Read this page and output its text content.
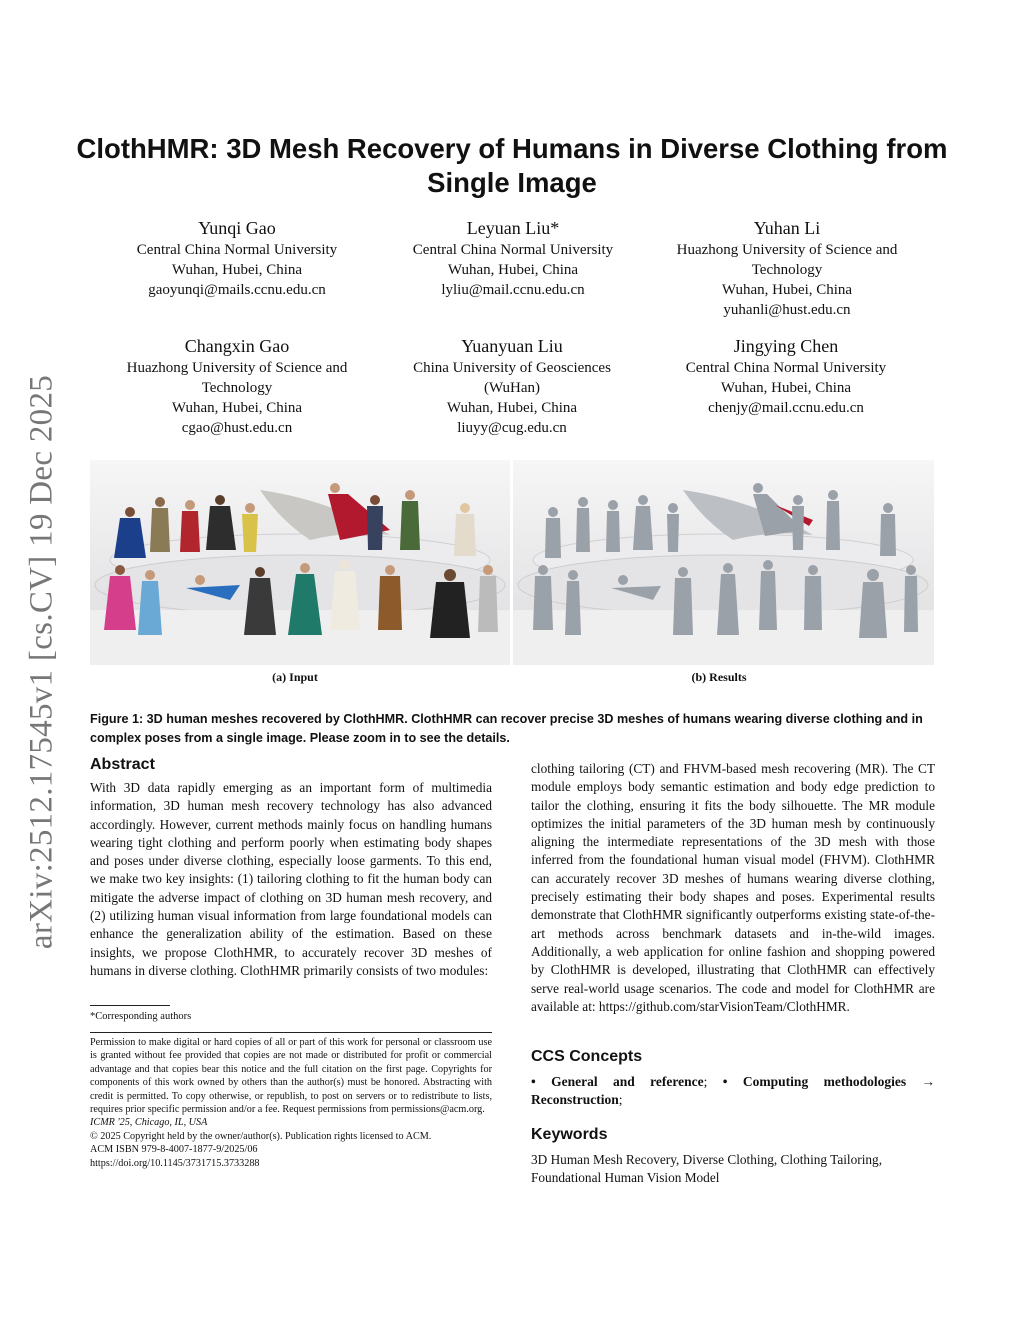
arXiv:2512.17545v1 [cs.CV] 19 Dec 2025
ClothHMR: 3D Mesh Recovery of Humans in Diverse Clothing from Single Image
Yunqi Gao
Central China Normal University
Wuhan, Hubei, China
gaoyunqi@mails.ccnu.edu.cn
Leyuan Liu*
Central China Normal University
Wuhan, Hubei, China
lyliu@mail.ccnu.edu.cn
Yuhan Li
Huazhong University of Science and
Technology
Wuhan, Hubei, China
yuhanli@hust.edu.cn
Changxin Gao
Huazhong University of Science and
Technology
Wuhan, Hubei, China
cgao@hust.edu.cn
Yuanyuan Liu
China University of Geosciences
(WuHan)
Wuhan, Hubei, China
liuyy@cug.edu.cn
Jingying Chen
Central China Normal University
Wuhan, Hubei, China
chenjy@mail.ccnu.edu.cn
(a) Input	(b) Results
Figure 1: 3D human meshes recovered by ClothHMR. ClothHMR can recover precise 3D meshes of humans wearing diverse clothing and in complex poses from a single image. Please zoom in to see the details.
Abstract
With 3D data rapidly emerging as an important form of multimedia information, 3D human mesh recovery technology has also advanced accordingly. However, current methods mainly focus on handling humans wearing tight clothing and perform poorly when estimating body shapes and poses under diverse clothing, especially loose garments. To this end, we make two key insights: (1) tailoring clothing to fit the human body can mitigate the adverse impact of clothing on 3D human mesh recovery, and (2) utilizing human visual information from large foundational models can enhance the generalization ability of the estimation. Based on these insights, we propose ClothHMR, to accurately recover 3D meshes of humans in diverse clothing. ClothHMR primarily consists of two modules:
clothing tailoring (CT) and FHVM-based mesh recovering (MR). The CT module employs body semantic estimation and body edge prediction to tailor the clothing, ensuring it fits the body silhouette. The MR module optimizes the initial parameters of the 3D human mesh by continuously aligning the intermediate representations of the 3D mesh with those inferred from the foundational human visual model (FHVM). ClothHMR can accurately recover 3D meshes of humans wearing diverse clothing, precisely estimating their body shapes and poses. Experimental results demonstrate that ClothHMR significantly outperforms existing state-of-the-art methods across benchmark datasets and in-the-wild images. Additionally, a web application for online fashion and shopping powered by ClothHMR is developed, illustrating that ClothHMR can effectively serve real-world usage scenarios. The code and model for ClothHMR are available at: https://github.com/starVisionTeam/ClothHMR.
*Corresponding authors
Permission to make digital or hard copies of all or part of this work for personal or classroom use is granted without fee provided that copies are not made or distributed for profit or commercial advantage and that copies bear this notice and the full citation on the first page. Copyrights for components of this work owned by others than the author(s) must be honored. Abstracting with credit is permitted. To copy otherwise, or republish, to post on servers or to redistribute to lists, requires prior specific permission and/or a fee. Request permissions from permissions@acm.org.
ICMR '25, Chicago, IL, USA
© 2025 Copyright held by the owner/author(s). Publication rights licensed to ACM.
ACM ISBN 979-8-4007-1877-9/2025/06
https://doi.org/10.1145/3731715.3733288
CCS Concepts
• General and reference; • Computing methodologies → Reconstruction;
Keywords
3D Human Mesh Recovery, Diverse Clothing, Clothing Tailoring, Foundational Human Vision Model
